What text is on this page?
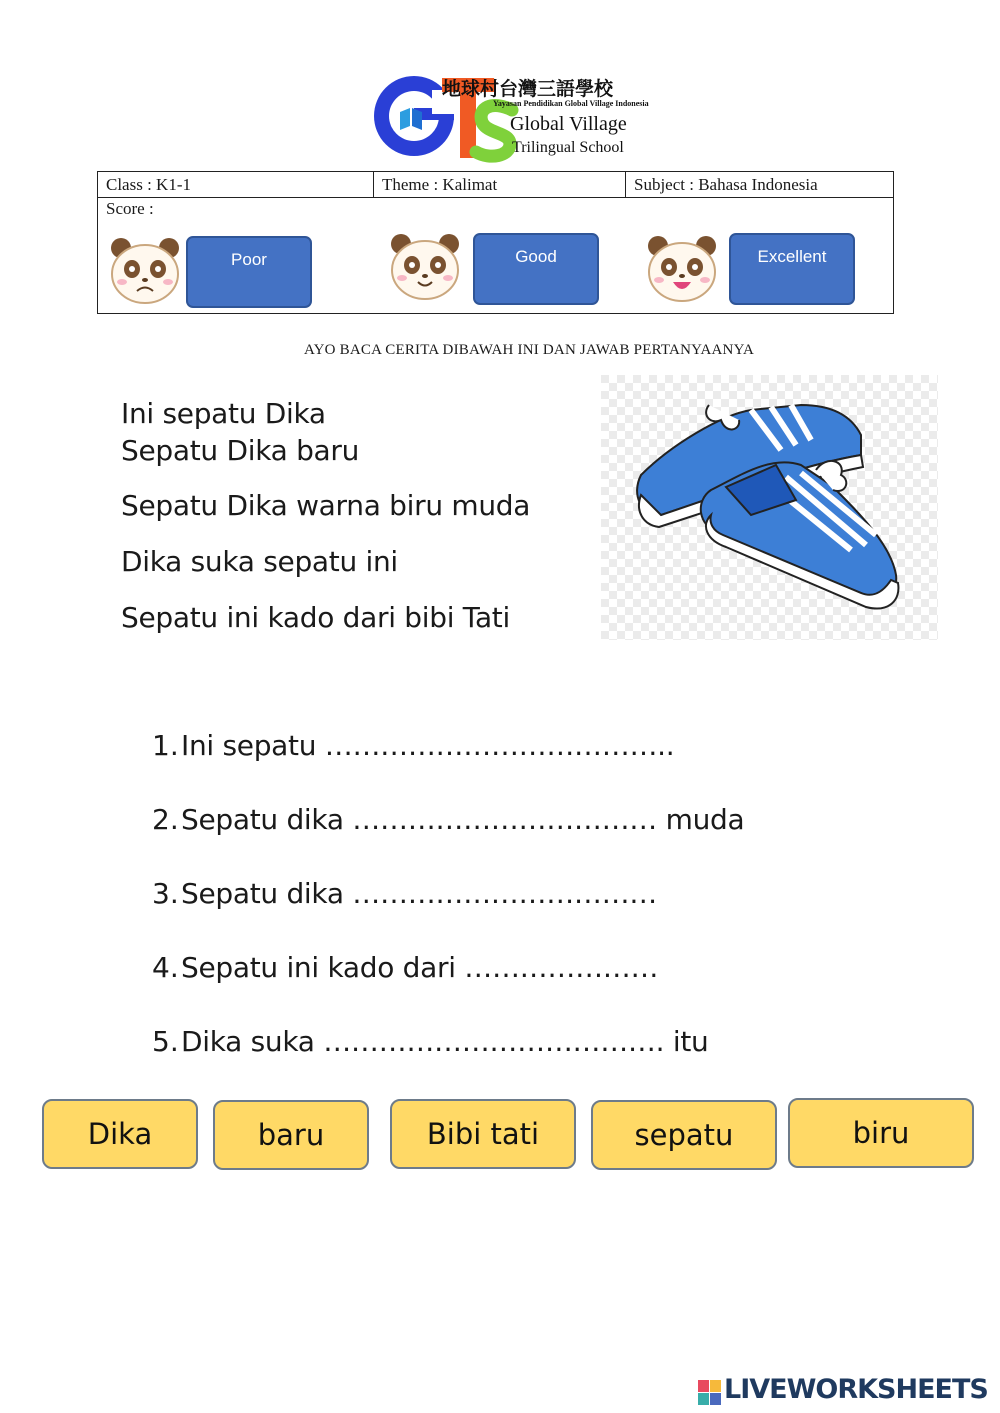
地球村台灣三語學校
Yayasan Pendidikan Global Village Indonesia
Global Village
Trilingual School
Class : K1-1	Theme : Kalimat	Subject : Bahasa Indonesia
Score :
Poor	Good	Excellent
AYO BACA CERITA DIBAWAH INI DAN JAWAB PERTANYAANYA
Ini sepatu Dika
Sepatu Dika baru
Sepatu Dika warna biru muda
Dika suka sepatu ini
Sepatu ini kado dari bibi Tati
1. Ini sepatu ………………………………..
2. Sepatu dika …………………………… muda
3. Sepatu dika ……………………………
4. Sepatu ini kado dari …………………
5. Dika suka ………………………………. itu
Dika	baru	Bibi tati	sepatu	biru
LIVEWORKSHEETS
